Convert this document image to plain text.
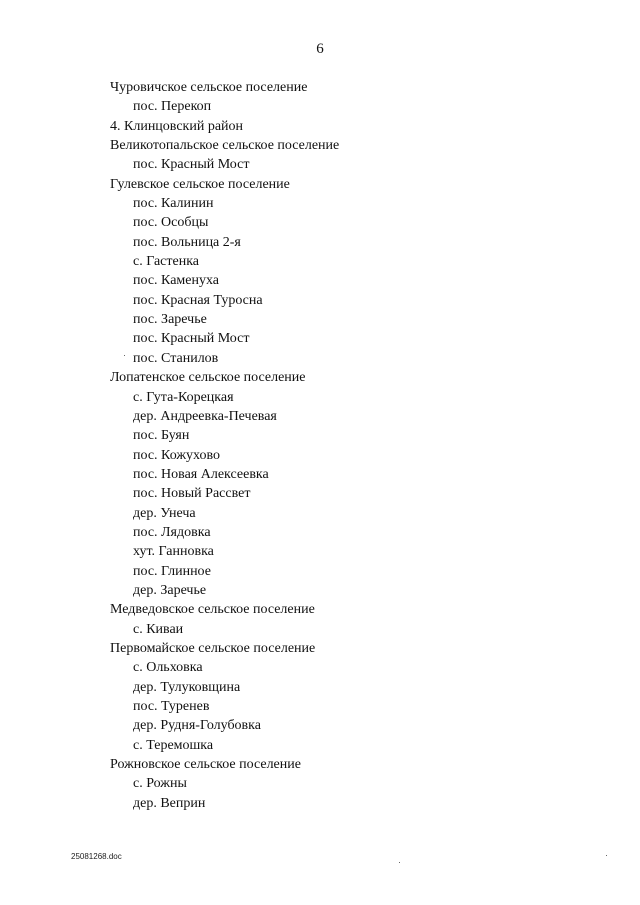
6
Чуровичское сельское поселение
пос. Перекоп
4. Клинцовский район
Великотопальское сельское поселение
пос. Красный Мост
Гулевское сельское поселение
пос. Калинин
пос. Особцы
пос. Вольница 2-я
с. Гастенка
пос. Каменуха
пос. Красная Туросна
пос. Заречье
пос. Красный Мост
пос. Станилов
Лопатенское сельское поселение
с. Гута-Корецкая
дер. Андреевка-Печевая
пос. Буян
пос. Кожухово
пос. Новая Алексеевка
пос. Новый Рассвет
дер. Унеча
пос. Лядовка
хут. Ганновка
пос. Глинное
дер. Заречье
Медведовское сельское поселение
с. Киваи
Первомайское сельское поселение
с. Ольховка
дер. Тулуковщина
пос. Туренев
дер. Рудня-Голубовка
с. Теремошка
Рожновское сельское поселение
с. Рожны
дер. Веприн
25081268.doc
